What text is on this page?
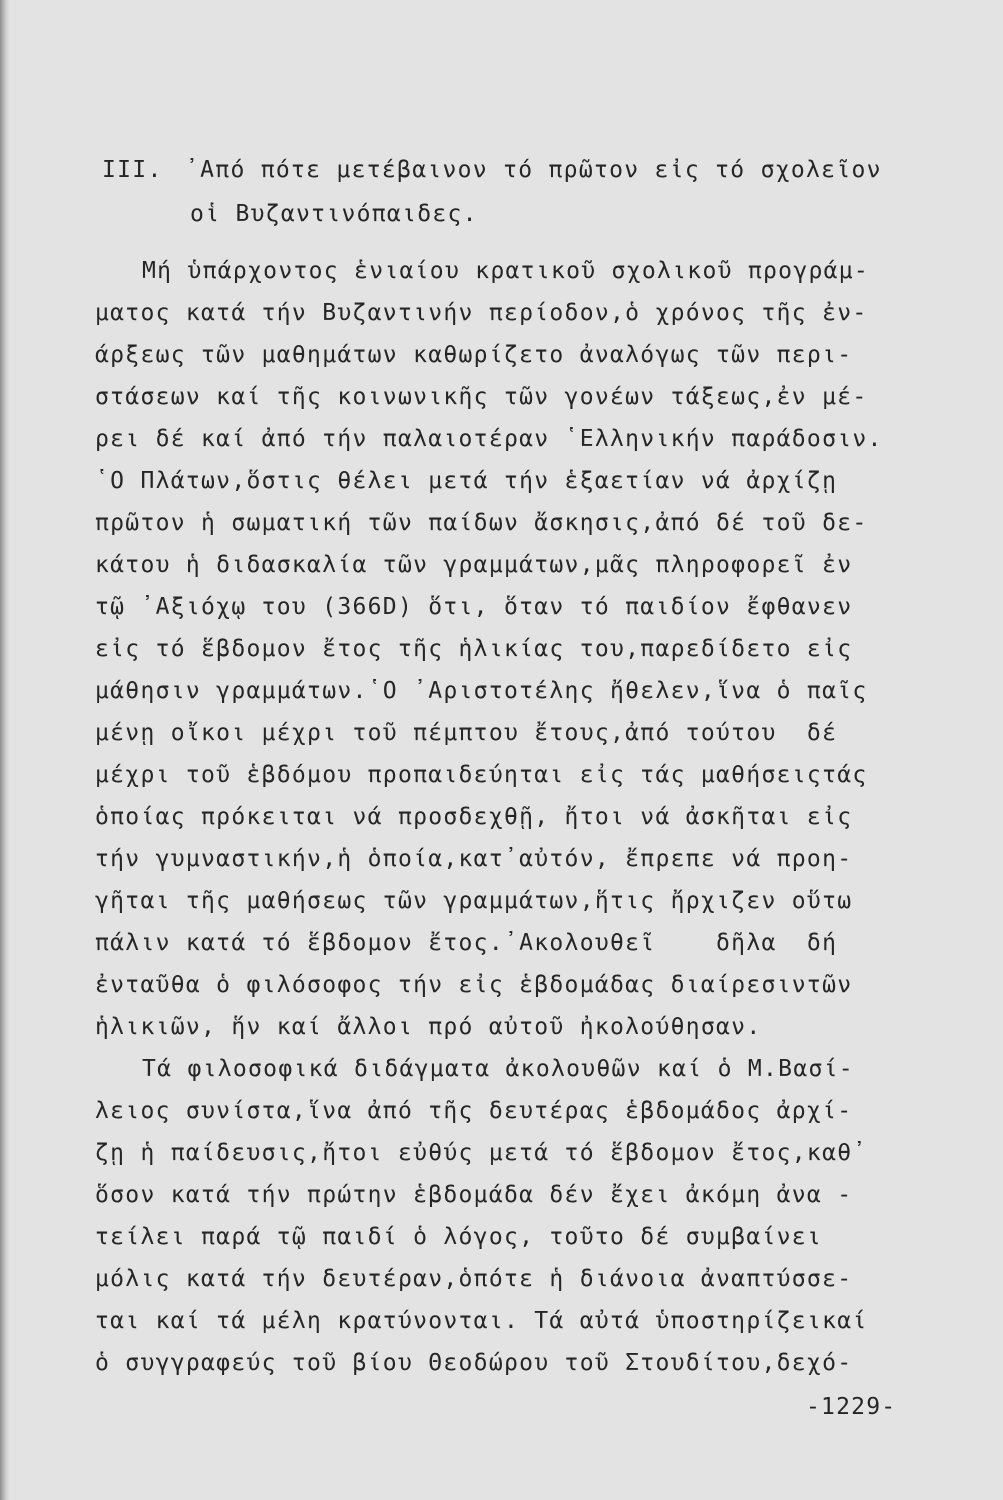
III. ᾿Από πότε μετέβαινον τό πρῶτον εἰς τό σχολεῖον
οἱ Βυζαντινόπαιδες.
Μή ὑπάρχοντος ἑνιαίου κρατικοῦ σχολικοῦ προγράμ-
ματος κατά τήν Βυζαντινήν περίοδον,ὁ χρόνος τῆς ἐν-
άρξεως τῶν μαθημάτων καθωρίζετο ἀναλόγως τῶν περι-
στάσεων καί τῆς κοινωνικῆς τῶν γονέων τάξεως,ἐν μέ-
ρει δέ καί ἀπό τήν παλαιοτέραν ῾Ελληνικήν παράδοσιν.
῾Ο Πλάτων,ὅστις θέλει μετά τήν ἑξαετίαν νά ἀρχίζῃ
πρῶτον ἡ σωματική τῶν παίδων ἄσκησις,ἀπό δέ τοῦ δε-
κάτου ἡ διδασκαλία τῶν γραμμάτων,μᾶς πληροφορεῖ ἐν
τῷ ᾿Αξιόχῳ του (366D) ὅτι, ὅταν τό παιδίον ἔφθανεν
εἰς τό ἕβδομον ἔτος τῆς ἡλικίας του,παρεδίδετο εἰς
μάθησιν γραμμάτων.῾Ο ᾿Αριστοτέλης ἤθελεν,ἵνα ὁ παῖς
μένῃ οἴκοι μέχρι τοῦ πέμπτου ἔτους,ἀπό τούτου  δέ
μέχρι τοῦ ἑβδόμου προπαιδεύηται εἰς τάς μαθήσειςτάς
ὁποίας πρόκειται νά προσδεχθῇ, ἤτοι νά ἀσκῆται εἰς
τήν γυμναστικήν,ἡ ὁποία,κατ᾿αὐτόν, ἔπρεπε νά προη-
γῆται τῆς μαθήσεως τῶν γραμμάτων,ἥτις ἤρχιζεν οὕτω
πάλιν κατά τό ἕβδομον ἔτος.᾿Ακολουθεῖ    δῆλα  δή
ἐνταῦθα ὁ φιλόσοφος τήν εἰς ἑβδομάδας διαίρεσιντῶν
ἡλικιῶν, ἥν καί ἄλλοι πρό αὐτοῦ ἠκολούθησαν.
Τά φιλοσοφικά διδάγματα ἀκολουθῶν καί ὁ Μ.Βασί-
λειος συνίστα,ἵνα ἀπό τῆς δευτέρας ἑβδομάδος ἀρχί-
ζῃ ἡ παίδευσις,ἤτοι εὐθύς μετά τό ἕβδομον ἔτος,καθ᾿
ὅσον κατά τήν πρώτην ἑβδομάδα δέν ἔχει ἀκόμη ἀνα -
τείλει παρά τῷ παιδί ὁ λόγος, τοῦτο δέ συμβαίνει
μόλις κατά τήν δευτέραν,ὁπότε ἡ διάνοια ἀναπτύσσε-
ται καί τά μέλη κρατύνονται. Τά αὐτά ὑποστηρίζεικαί
ὁ συγγραφεύς τοῦ βίου Θεοδώρου τοῦ Στουδίτου,δεχό-
-1229-
